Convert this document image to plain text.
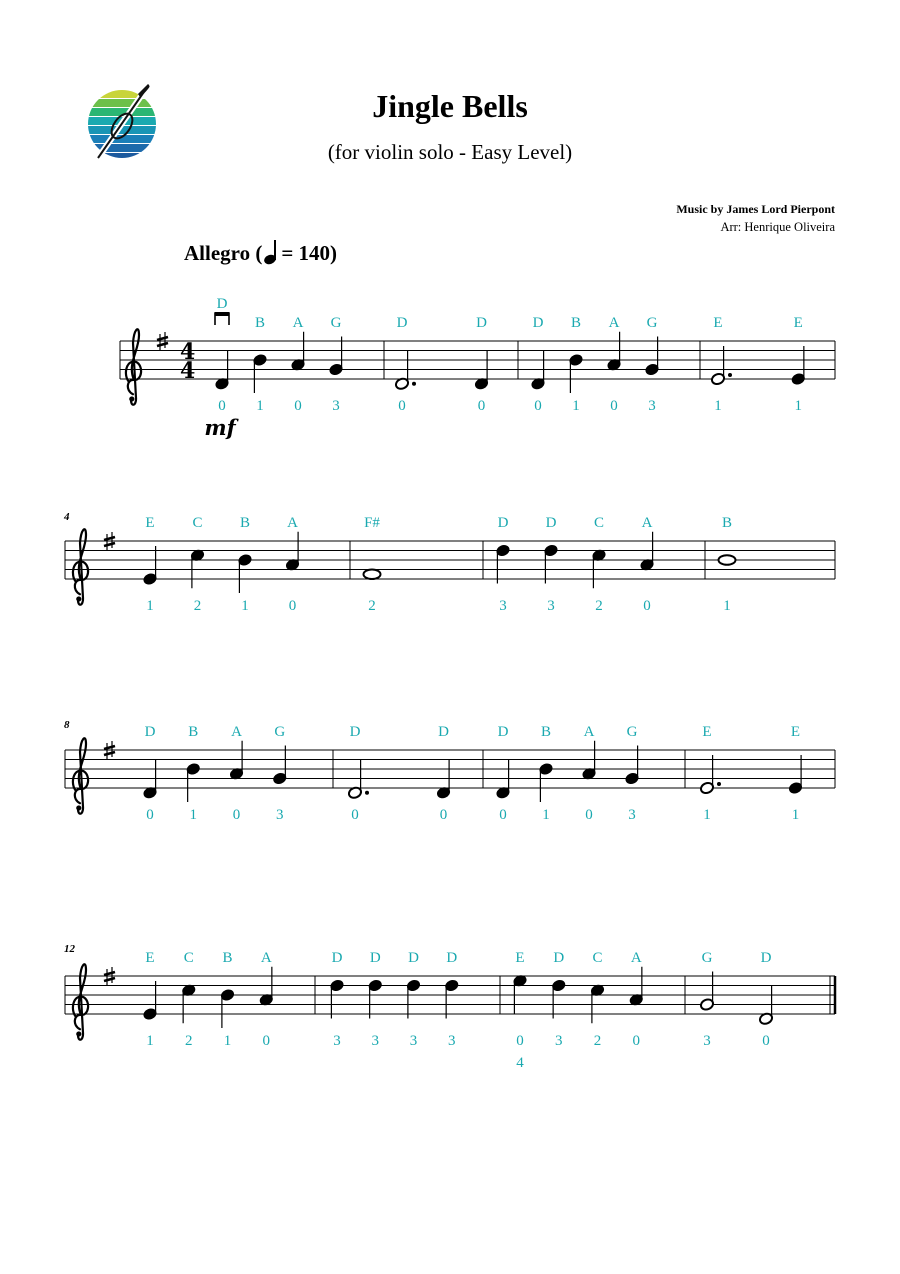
Jingle Bells
(for violin solo - Easy Level)
Music by James Lord Pierpont
Arr: Henrique Oliveira
Allegro ( = 140)
4
4
D
0
B
1
A
0
G
3
D
0
D
0
D
0
B
1
A
0
G
3
E
1
E
1
mf
4	E
1
C
2
B
1
A
0
F#
2
D
3
D
3
C
2
A
0
B
1
8	D
0
B
1
A
0
G
3
D
0
D
0
D
0
B
1
A
0
G
3
E
1
E
1
12
E
1
C
2
B
1
A
0
D
3
D
3
D
3
D
3
E
0
4
D
3
C
2
A
0
G
3
D
0
